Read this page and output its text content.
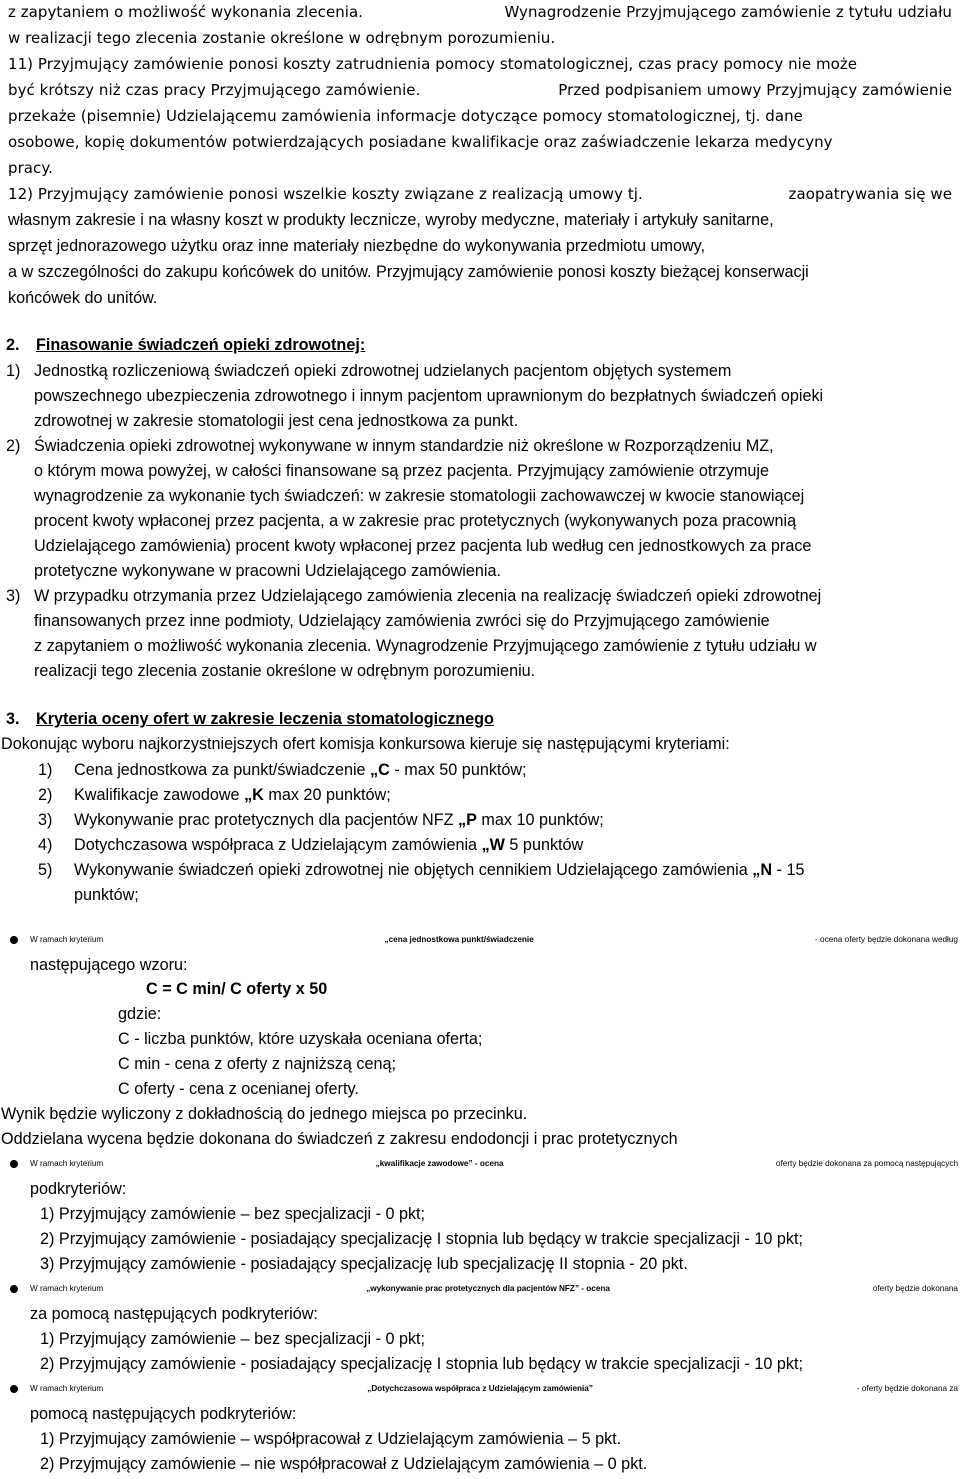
z zapytaniem o możliwość wykonania zlecenia.	Wynagrodzenie Przyjmującego zamówienie z tytułu udziału
w realizacji tego zlecenia zostanie określone w odrębnym porozumieniu.
11) Przyjmujący zamówienie ponosi koszty zatrudnienia pomocy stomatologicznej, czas pracy pomocy nie może
być krótszy niż czas pracy Przyjmującego zamówienie.	Przed podpisaniem umowy Przyjmujący zamówienie
przekaże (pisemnie) Udzielającemu zamówienia informacje dotyczące pomocy stomatologicznej, tj. dane
osobowe, kopię dokumentów potwierdzających posiadane kwalifikacje oraz zaświadczenie lekarza medycyny
pracy.
12) Przyjmujący zamówienie ponosi wszelkie koszty związane z realizacją umowy tj.	zaopatrywania się we
własnym zakresie i na własny koszt w produkty lecznicze, wyroby medyczne, materiały i artykuły sanitarne,
sprzęt jednorazowego użytku oraz inne materiały niezbędne do wykonywania przedmiotu umowy,
a w szczególności do zakupu końcówek do unitów. Przyjmujący zamówienie ponosi koszty bieżącej konserwacji
końcówek do unitów.
2. Finasowanie świadczeń opieki zdrowotnej:
1) Jednostką rozliczeniową świadczeń opieki zdrowotnej udzielanych pacjentom objętych systemem
powszechnego ubezpieczenia zdrowotnego i innym pacjentom uprawnionym do bezpłatnych świadczeń opieki
zdrowotnej w zakresie stomatologii jest cena jednostkowa za punkt.
2) Świadczenia opieki zdrowotnej wykonywane w innym standardzie niż określone w Rozporządzeniu MZ,
o którym mowa powyżej, w całości finansowane są przez pacjenta. Przyjmujący zamówienie otrzymuje
wynagrodzenie za wykonanie tych świadczeń: w zakresie stomatologii zachowawczej w kwocie stanowiącej
procent kwoty wpłaconej przez pacjenta, a w zakresie prac protetycznych (wykonywanych poza pracownią
Udzielającego zamówienia) procent kwoty wpłaconej przez pacjenta lub według cen jednostkowych za prace
protetyczne wykonywane w pracowni Udzielającego zamówienia.
3) W przypadku otrzymania przez Udzielającego zamówienia zlecenia na realizację świadczeń opieki zdrowotnej
finansowanych przez inne podmioty, Udzielający zamówienia zwróci się do Przyjmującego zamówienie
z zapytaniem o możliwość wykonania zlecenia. Wynagrodzenie Przyjmującego zamówienie z tytułu udziału w
realizacji tego zlecenia zostanie określone w odrębnym porozumieniu.
3. Kryteria oceny ofert w zakresie leczenia stomatologicznego
Dokonując wyboru najkorzystniejszych ofert komisja konkursowa kieruje się następującymi kryteriami:
1) Cena jednostkowa za punkt/świadczenie „C - max 50 punktów;
2) Kwalifikacje zawodowe „K max 20 punktów;
3) Wykonywanie prac protetycznych dla pacjentów NFZ „P max 10 punktów;
4) Dotychczasowa współpraca z Udzielającym zamówienia „W 5 punktów
5) Wykonywanie świadczeń opieki zdrowotnej nie objętych cennikiem Udzielającego zamówienia „N - 15
punktów;
W ramach kryterium	„cena jednostkowa punkt/świadczenie	- ocena oferty będzie dokonana według
następującego wzoru:
C = C min/ C oferty x 50
gdzie:
C - liczba punktów, które uzyskała oceniana oferta;
C min - cena z oferty z najniższą ceną;
C oferty - cena z ocenianej oferty.
Wynik będzie wyliczony z dokładnością do jednego miejsca po przecinku.
Oddzielana wycena będzie dokonana do świadczeń z zakresu endodoncji i prac protetycznych
W ramach kryterium	„kwalifikacje zawodowe” - ocena	oferty będzie dokonana za pomocą następujących
podkryteriów:
1) Przyjmujący zamówienie – bez specjalizacji - 0 pkt;
2) Przyjmujący zamówienie - posiadający specjalizację I stopnia lub będący w trakcie specjalizacji - 10 pkt;
3) Przyjmujący zamówienie - posiadający specjalizację lub specjalizację II stopnia - 20 pkt.
W ramach kryterium	„wykonywanie prac protetycznych dla pacjentów NFZ” - ocena	oferty będzie dokonana
za pomocą następujących podkryteriów:
1) Przyjmujący zamówienie – bez specjalizacji - 0 pkt;
2) Przyjmujący zamówienie - posiadający specjalizację I stopnia lub będący w trakcie specjalizacji - 10 pkt;
W ramach kryterium	„Dotychczasowa współpraca z Udzielającym zamówienia”	- oferty będzie dokonana za
pomocą następujących podkryteriów:
1) Przyjmujący zamówienie – współpracował z Udzielającym zamówienia – 5 pkt.
2) Przyjmujący zamówienie – nie współpracował z Udzielającym zamówienia – 0 pkt.
